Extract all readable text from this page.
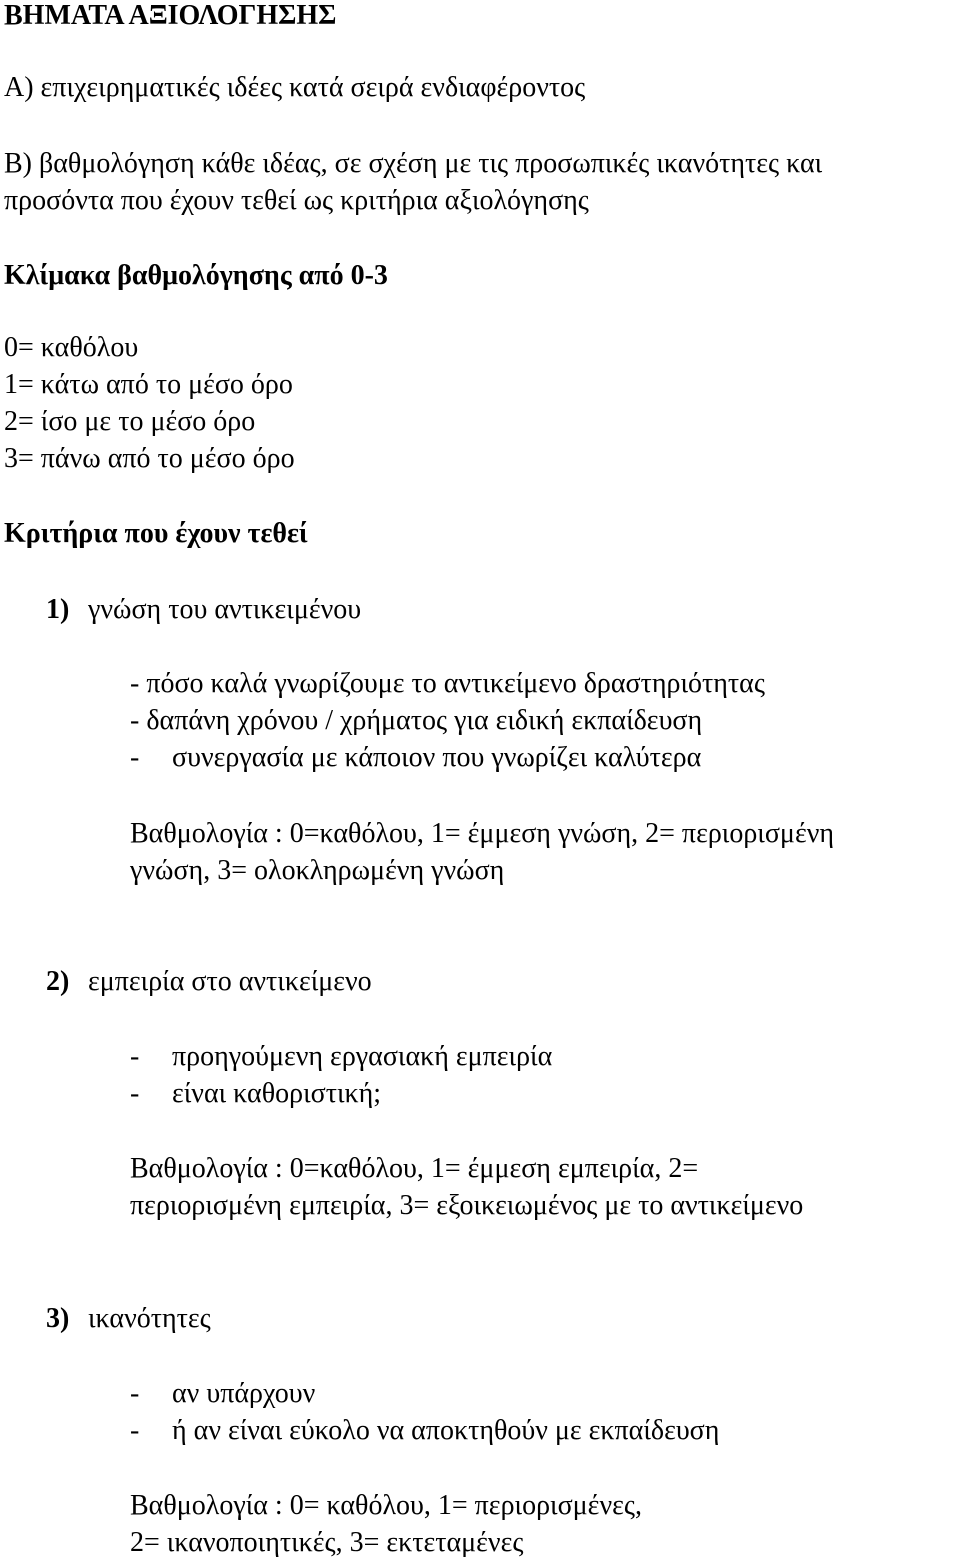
ΒΗΜΑΤΑ ΑΞΙΟΛΟΓΗΣΗΣ
Α) επιχειρηματικές ιδέες κατά σειρά ενδιαφέροντος
Β) βαθμολόγηση κάθε ιδέας, σε σχέση με τις προσωπικές ικανότητες και
προσόντα που έχουν τεθεί ως κριτήρια αξιολόγησης
Κλίμακα βαθμολόγησης από 0-3
0= καθόλου
1= κάτω από το μέσο όρο
2= ίσο με το μέσο όρο
3= πάνω από το μέσο όρο
Κριτήρια που έχουν τεθεί
1) γνώση του αντικειμένου
- πόσο καλά γνωρίζουμε το αντικείμενο δραστηριότητας
- δαπάνη χρόνου / χρήματος για ειδική εκπαίδευση
- συνεργασία με κάποιον που γνωρίζει καλύτερα
Βαθμολογία : 0=καθόλου, 1= έμμεση γνώση, 2= περιορισμένη
γνώση, 3= ολοκληρωμένη γνώση
2) εμπειρία στο αντικείμενο
- προηγούμενη εργασιακή εμπειρία
- είναι καθοριστική;
Βαθμολογία : 0=καθόλου, 1= έμμεση εμπειρία, 2=
περιορισμένη εμπειρία, 3= εξοικειωμένος με το αντικείμενο
3) ικανότητες
- αν υπάρχουν
- ή αν είναι εύκολο να αποκτηθούν με εκπαίδευση
Βαθμολογία : 0= καθόλου, 1= περιορισμένες,
2= ικανοποιητικές, 3= εκτεταμένες
